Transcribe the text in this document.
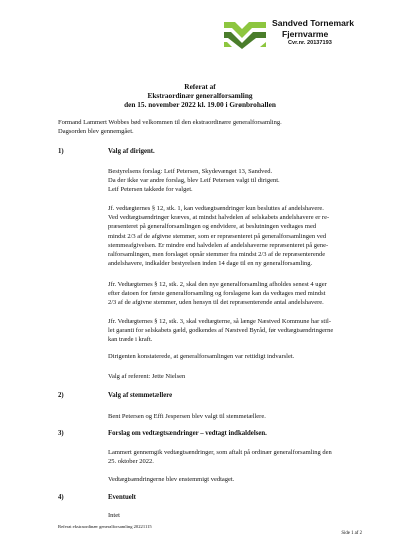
Sandved Tornemark
Fjernvarme
Cvr.nr. 20137193
Referat af
Ekstraordinær generalforsamling
den 15. november 2022 kl. 19.00 i Grønbrohallen
Formand Lammert Wobbes bød velkommen til den ekstraordinære generalforsamling.
Dagsorden blev gennemgået.
1)	Valg af dirigent.
Bestyrelsens forslag: Leif Petersen, Skydevænget 13, Sandved.
Da der ikke var andre forslag, blev Leif Petersen valgt til dirigent.
Leif Petersen takkede for valget.
Jf. vedtægternes § 12, stk. 1, kan vedtægtsændringer kun besluttes af andelshavere.
Ved vedtægtsændringer kræves, at mindst halvdelen af selskabets andelshavere er re-
præsenteret på generalforsamlingen og endvidere, at beslutningen vedtages med
mindst 2/3 af de afgivne stemmer, som er repræsenteret på generalforsamlingen ved
stemmeafgivelsen. Er mindre end halvdelen af andelshaverne repræsenteret på gene-
ralforsamlingen, men forslaget opnår stemmer fra mindst 2/3 af de repræsenterende
andelshavere, indkalder bestyrelsen inden 14 dage til en ny generalforsamling.
Jfr. Vedtægternes § 12, stk. 2, skal den nye generalforsamling afholdes senest 4 uger
efter datoen for første generalforsamling og forslagene kan da vedtages med mindst
2/3 af de afgivne stemmer, uden hensyn til det repræsenterende antal andelshavere.
Jfr. Vedtægternes § 12, stk. 3, skal vedtægterne, så længe Næstved Kommune har stil-
let garanti for selskabets gæld, godkendes af Næstved Byråd, før vedtægtsændringerne
kan træde i kraft.
Dirigenten konstaterede, at generalforsamlingen var rettidigt indvarslet.
Valg af referent: Jette Nielsen
2)	Valg af stemmetællere
Bent Petersen og Effi Jespersen blev valgt til stemmetællere.
3)	Forslag om vedtægtsændringer – vedtagt indkaldelsen.
Lammert gennemgik vedtægtsændringer, som aftalt på ordinær generalforsamling den
25. oktober 2022.
Vedtægtsændringerne blev enstemmigt vedtaget.
4)	Eventuelt
Intet
Referat ekstraordinær generalforsamling 20221115
Side 1 af 2
